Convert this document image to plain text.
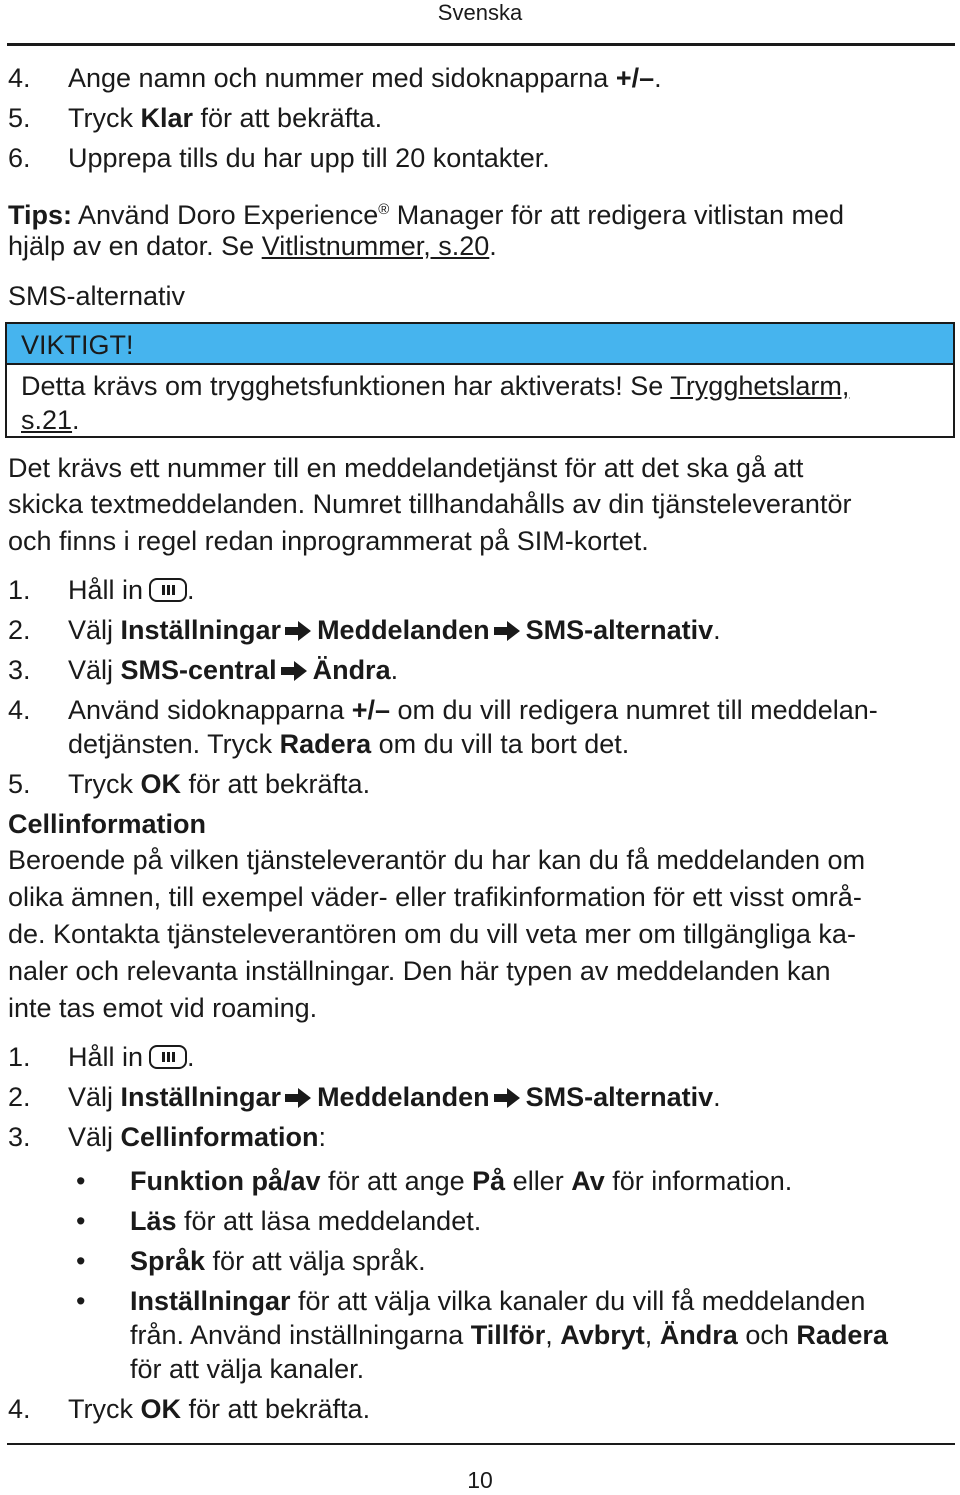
Svenska
4. Ange namn och nummer med sidoknapparna +/–.
5. Tryck Klar för att bekräfta.
6. Upprepa tills du har upp till 20 kontakter.
Tips: Använd Doro Experience® Manager för att redigera vitlistan med
hjälp av en dator. Se Vitlistnummer, s.20.
SMS-alternativ
VIKTIGT!
Detta krävs om trygghetsfunktionen har aktiverats! Se Trygghetslarm,
s.21.
Det krävs ett nummer till en meddelandetjänst för att det ska gå att
skicka textmeddelanden. Numret tillhandahålls av din tjänsteleverantör
och finns i regel redan inprogrammerat på SIM-kortet.
1. Håll in .
2. Välj Inställningar Meddelanden SMS-alternativ.
3. Välj SMS-central Ändra.
4. Använd sidoknapparna +/– om du vill redigera numret till meddelan-
detjänsten. Tryck Radera om du vill ta bort det.
5. Tryck OK för att bekräfta.
Cellinformation
Beroende på vilken tjänsteleverantör du har kan du få meddelanden om
olika ämnen, till exempel väder- eller trafikinformation för ett visst områ-
de. Kontakta tjänsteleverantören om du vill veta mer om tillgängliga ka-
naler och relevanta inställningar. Den här typen av meddelanden kan
inte tas emot vid roaming.
1. Håll in .
2. Välj Inställningar Meddelanden SMS-alternativ.
3. Välj Cellinformation:
• Funktion på/av för att ange På eller Av för information.
• Läs för att läsa meddelandet.
• Språk för att välja språk.
• Inställningar för att välja vilka kanaler du vill få meddelanden
från. Använd inställningarna Tillför, Avbryt, Ändra och Radera
för att välja kanaler.
4. Tryck OK för att bekräfta.
10
